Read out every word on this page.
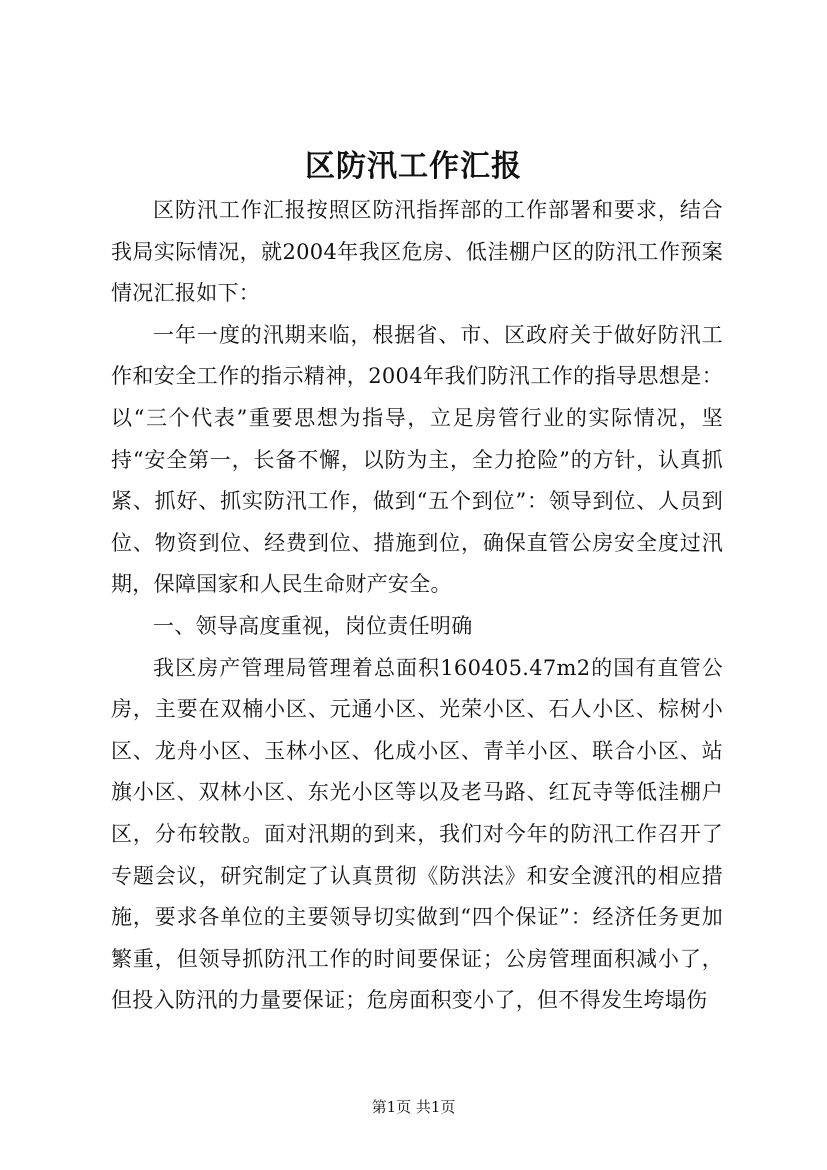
区防汛工作汇报

区防汛工作汇报按照区防汛指挥部的工作部署和要求，结合我局实际情况，就2004年我区危房、低洼棚户区的防汛工作预案情况汇报如下：

一年一度的汛期来临，根据省、市、区政府关于做好防汛工作和安全工作的指示精神，2004年我们防汛工作的指导思想是：以“三个代表”重要思想为指导，立足房管行业的实际情况，坚持“安全第一，长备不懈，以防为主，全力抢险”的方针，认真抓紧、抓好、抓实防汛工作，做到“五个到位”：领导到位、人员到位、物资到位、经费到位、措施到位，确保直管公房安全度过汛期，保障国家和人民生命财产安全。

一、领导高度重视，岗位责任明确

我区房产管理局管理着总面积160405.47m2的国有直管公房，主要在双楠小区、元通小区、光荣小区、石人小区、棕树小区、龙舟小区、玉林小区、化成小区、青羊小区、联合小区、站旗小区、双林小区、东光小区等以及老马路、红瓦寺等低洼棚户区，分布较散。面对汛期的到来，我们对今年的防汛工作召开了专题会议，研究制定了认真贯彻《防洪法》和安全渡汛的相应措施，要求各单位的主要领导切实做到“四个保证”：经济任务更加繁重，但领导抓防汛工作的时间要保证；公房管理面积减小了，但投入防汛的力量要保证；危房面积变小了，但不得发生垮塌伤

第1页 共1页
